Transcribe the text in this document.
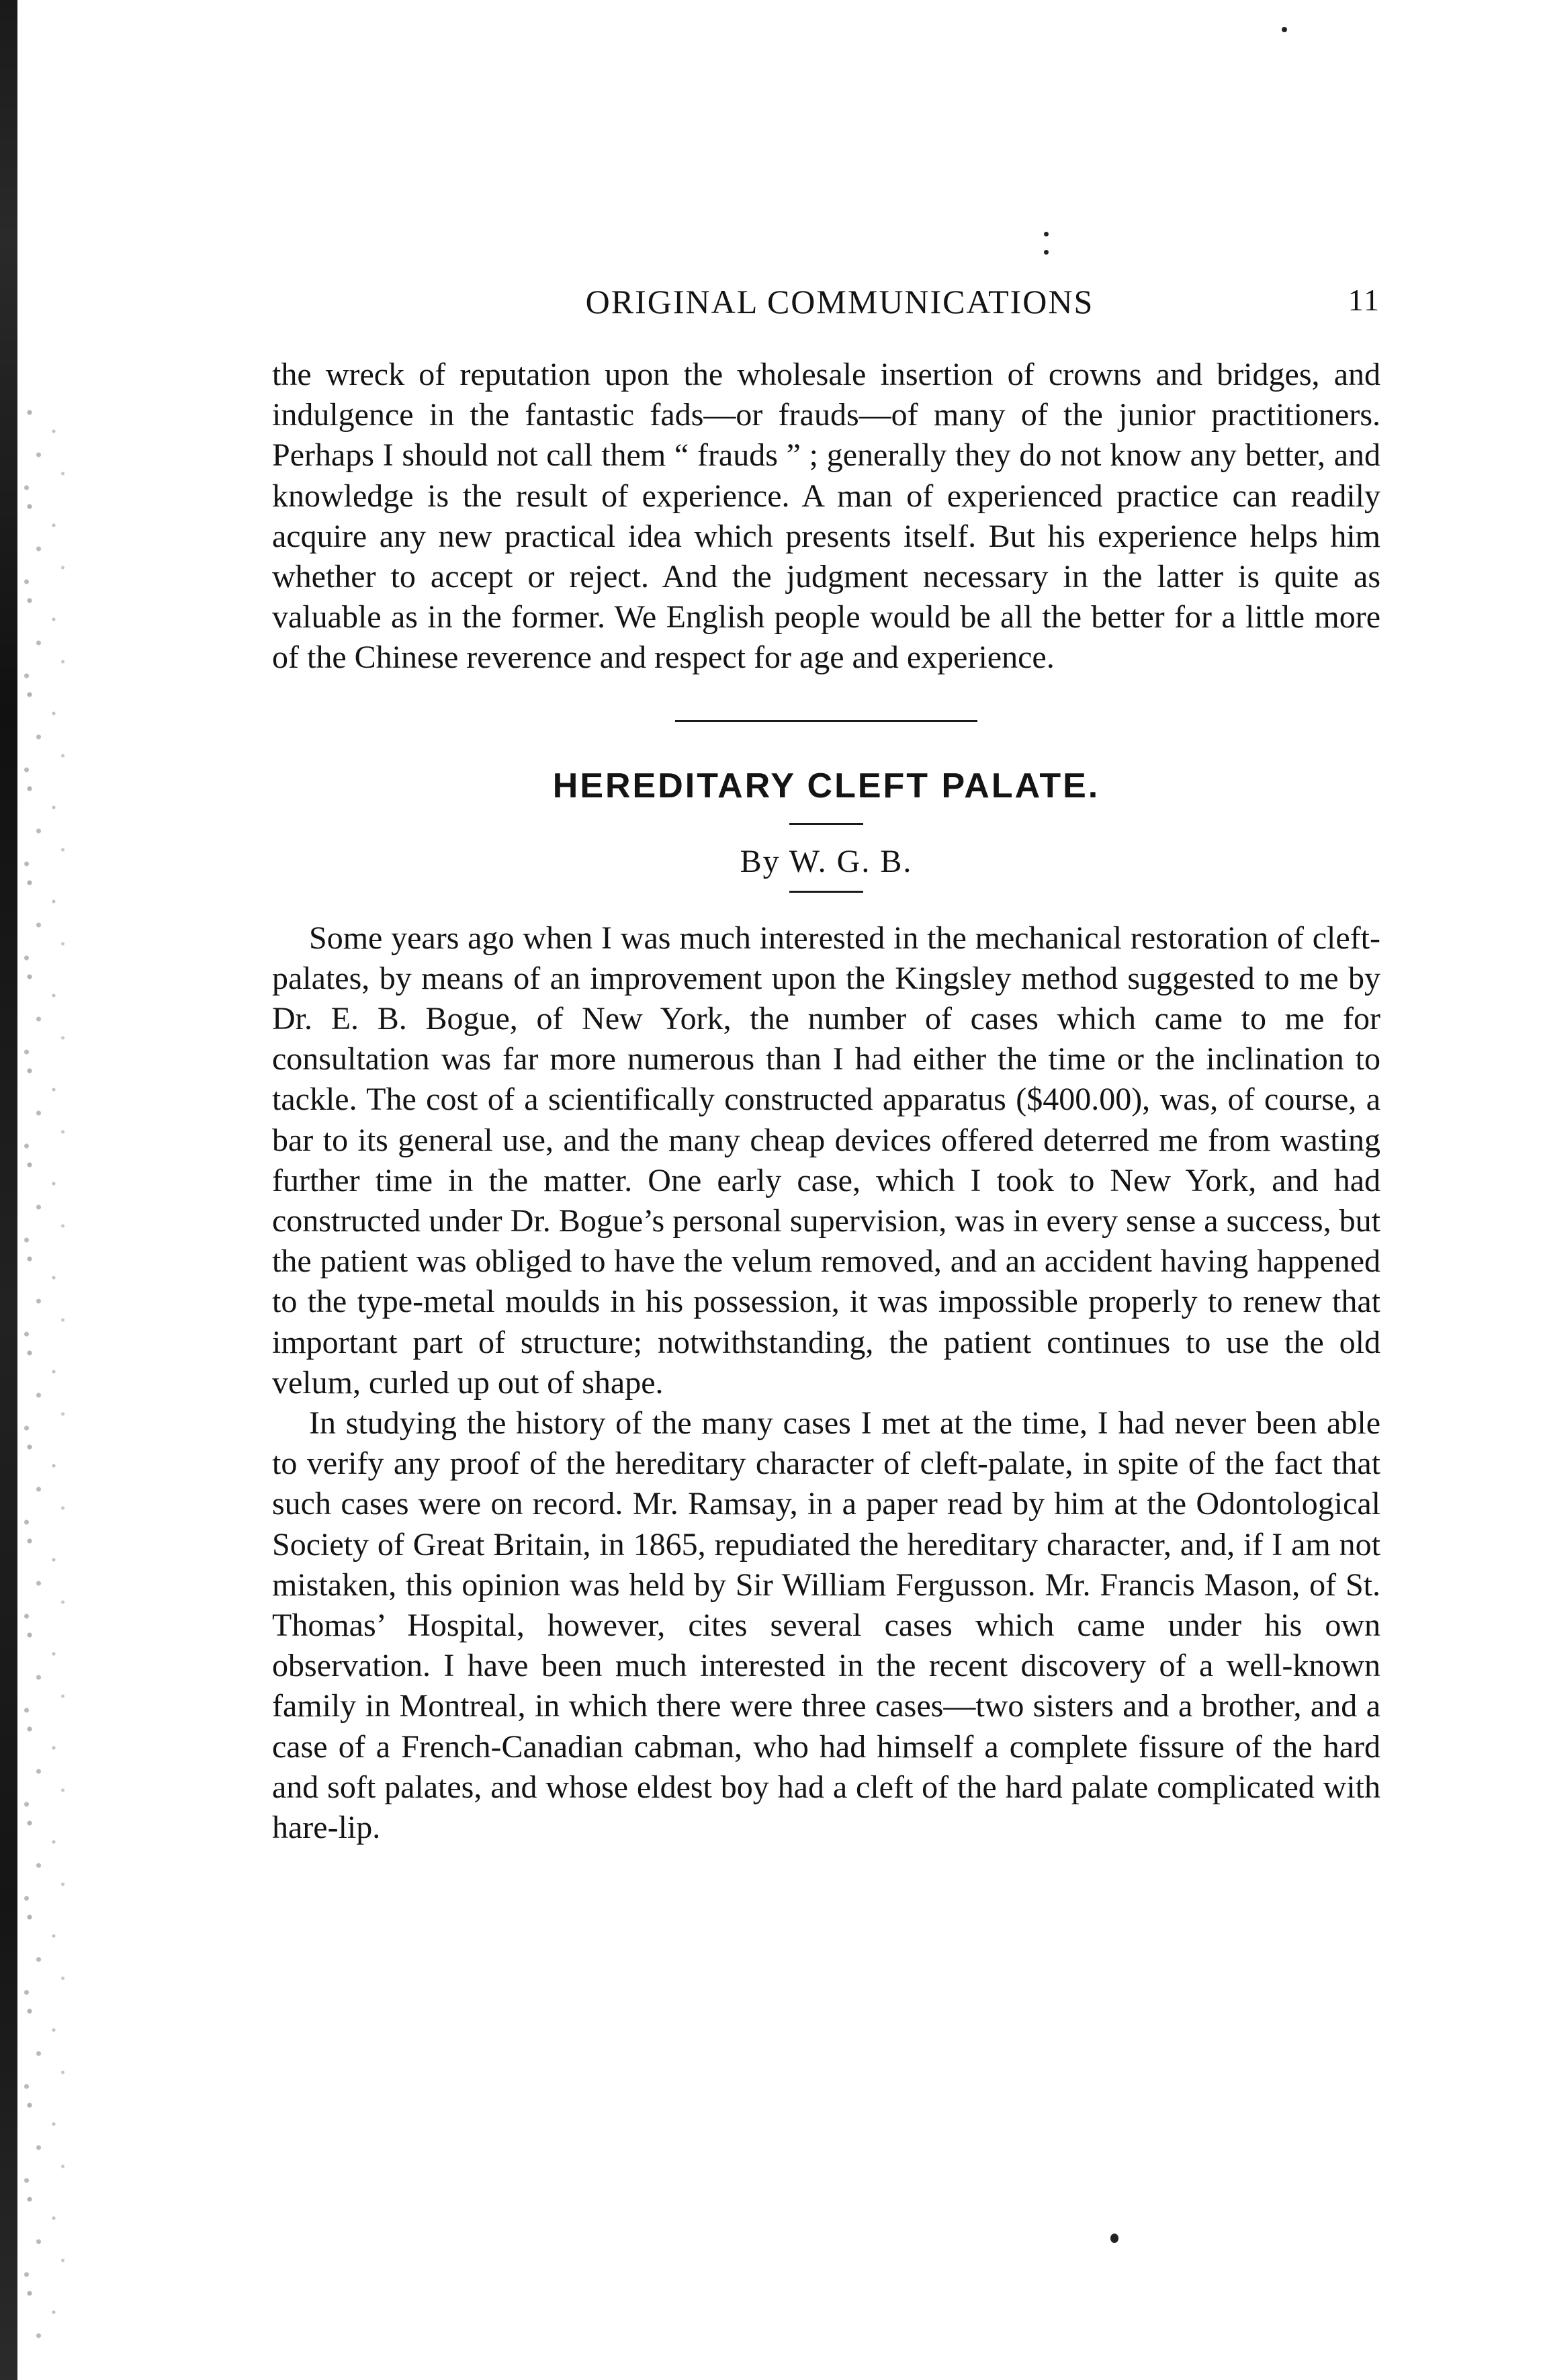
ORIGINAL COMMUNICATIONS	11

the wreck of reputation upon the wholesale insertion of crowns and bridges, and indulgence in the fantastic fads—or frauds—of many of the junior practitioners. Perhaps I should not call them “ frauds ” ; generally they do not know any better, and knowledge is the result of experience. A man of experienced practice can readily acquire any new practical idea which presents itself. But his experience helps him whether to accept or reject. And the judgment necessary in the latter is quite as valuable as in the former. We English people would be all the better for a little more of the Chinese reverence and respect for age and experience.

HEREDITARY CLEFT PALATE.
By W. G. B.

Some years ago when I was much interested in the mechanical restoration of cleft-palates, by means of an improvement upon the Kingsley method suggested to me by Dr. E. B. Bogue, of New York, the number of cases which came to me for consultation was far more numerous than I had either the time or the inclination to tackle. The cost of a scientifically constructed apparatus ($400.00), was, of course, a bar to its general use, and the many cheap devices offered deterred me from wasting further time in the matter. One early case, which I took to New York, and had constructed under Dr. Bogue’s personal supervision, was in every sense a success, but the patient was obliged to have the velum removed, and an accident having happened to the type-metal moulds in his possession, it was impossible properly to renew that important part of structure; notwithstanding, the patient continues to use the old velum, curled up out of shape.

In studying the history of the many cases I met at the time, I had never been able to verify any proof of the hereditary character of cleft-palate, in spite of the fact that such cases were on record. Mr. Ramsay, in a paper read by him at the Odontological Society of Great Britain, in 1865, repudiated the hereditary character, and, if I am not mistaken, this opinion was held by Sir William Fergusson. Mr. Francis Mason, of St. Thomas’ Hospital, however, cites several cases which came under his own observation. I have been much interested in the recent discovery of a well-known family in Montreal, in which there were three cases—two sisters and a brother, and a case of a French-Canadian cabman, who had himself a complete fissure of the hard and soft palates, and whose eldest boy had a cleft of the hard palate complicated with hare-lip.
